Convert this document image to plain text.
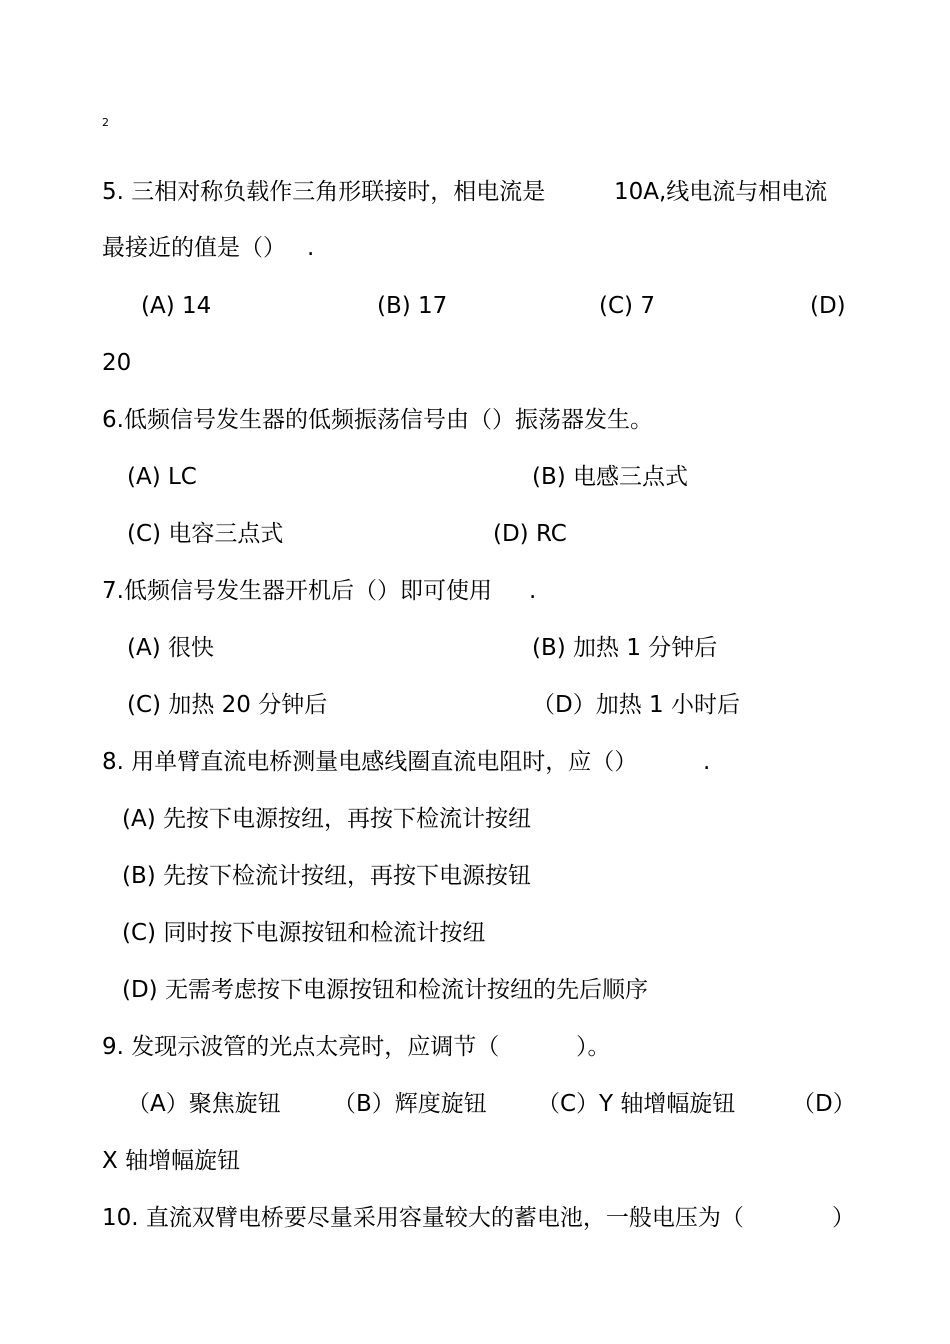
2
5. 三相对称负载作三角形联接时，相电流是	10A,线电流与相电流
最接近的值是（） .
(A) 14	(B) 17	(C) 7	(D)
20
6.低频信号发生器的低频振荡信号由（）振荡器发生。
(A) LC	(B) 电感三点式
(C) 电容三点式	(D) RC
7.低频信号发生器开机后（）即可使用 .
(A) 很快	(B) 加热 1 分钟后
(C) 加热 20 分钟后	（D）加热 1 小时后
8. 用单臂直流电桥测量电感线圈直流电阻时，应（）	.
(A) 先按下电源按纽，再按下检流计按纽
(B) 先按下检流计按纽，再按下电源按钮
(C) 同时按下电源按钮和检流计按纽
(D) 无需考虑按下电源按钮和检流计按纽的先后顺序
9. 发现示波管的光点太亮时，应调节（	）。
（A）聚焦旋钮 （B）辉度旋钮 （C）Y 轴增幅旋钮 （D）
X 轴增幅旋钮
10. 直流双臂电桥要尽量采用容量较大的蓄电池，一般电压为（	）
